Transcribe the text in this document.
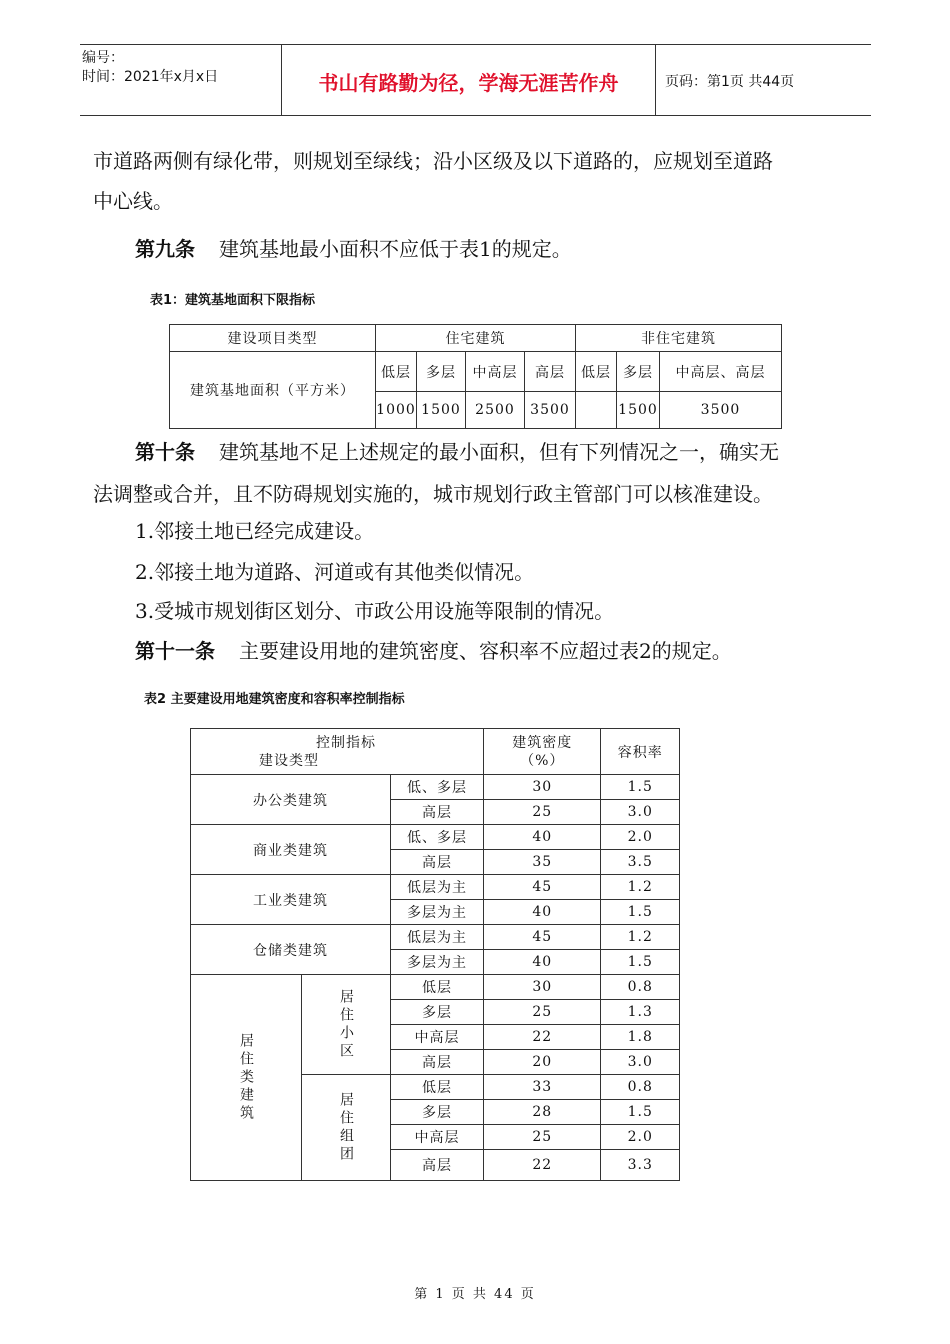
编号：
时间：2021年x月x日	书山有路勤为径，学海无涯苦作舟	页码：第1页 共44页
市道路两侧有绿化带，则规划至绿线；沿小区级及以下道路的，应规划至道路
中心线。
第九条 建筑基地最小面积不应低于表1的规定。
表1：建筑基地面积下限指标
建设项目类型	住宅建筑				非住宅建筑		
建筑基地面积（平方米）	低层	多层	中高层	高层	低层	多层	中高层、高层
	1000	1500	2500	3500		1500	3500
第十条 建筑基地不足上述规定的最小面积，但有下列情况之一，确实无
法调整或合并，且不防碍规划实施的，城市规划行政主管部门可以核准建设。
1.邻接土地已经完成建设。
2.邻接土地为道路、河道或有其他类似情况。
3.受城市规划街区划分、市政公用设施等限制的情况。
第十一条 主要建设用地的建筑密度、容积率不应超过表2的规定。
表2 主要建设用地建筑密度和容积率控制指标
控制指标
建设类型			建筑密度（%）	容积率
办公类建筑		低、多层	30	1.5
		高层	25	3.0
商业类建筑		低、多层	40	2.0
		高层	35	3.5
工业类建筑		低层为主	45	1.2
		多层为主	40	1.5
仓储类建筑		低层为主	45	1.2
		多层为主	40	1.5
居住类建筑	居住小区	低层	30	0.8
		多层	25	1.3
		中高层	22	1.8
		高层	20	3.0
	居住组团	低层	33	0.8
		多层	28	1.5
		中高层	25	2.0
		高层	22	3.3
第 1 页 共 44 页
